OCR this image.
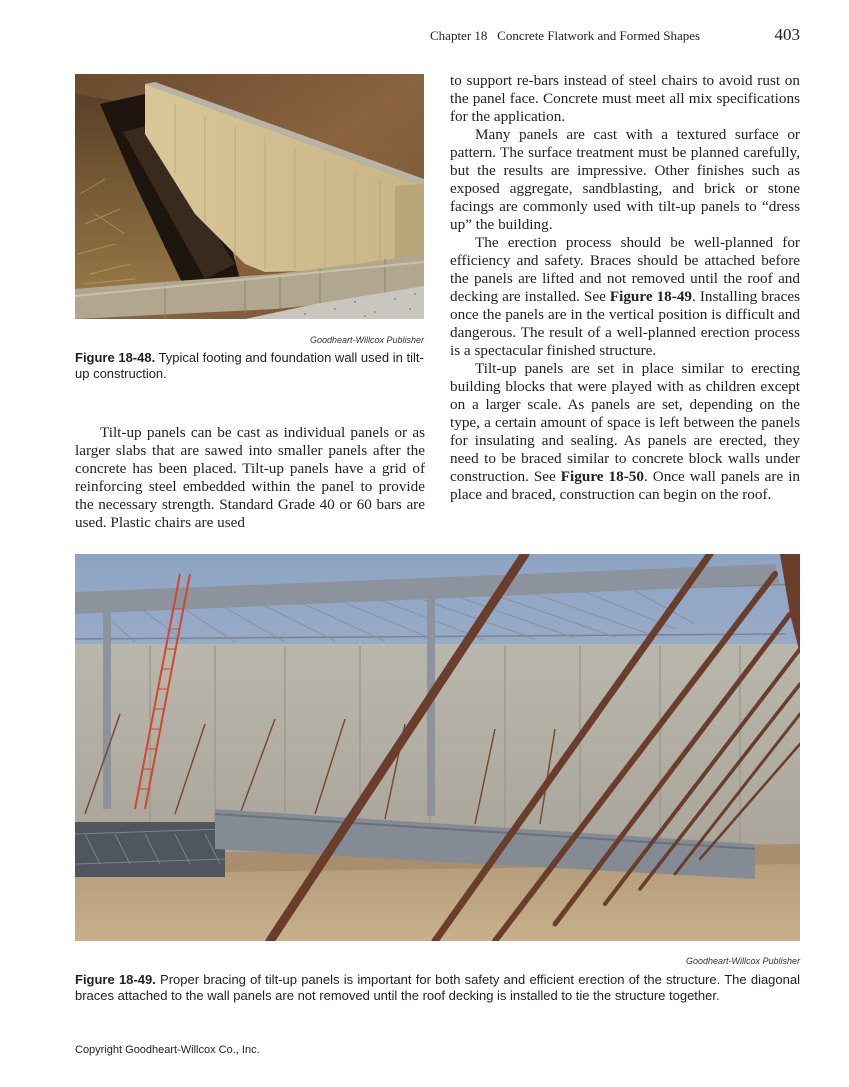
Chapter 18   Concrete Flatwork and Formed Shapes	403
Goodheart-Willcox Publisher
Figure 18-48. Typical footing and foundation wall used in tilt-up construction.

Tilt-up panels can be cast as individual panels or as larger slabs that are sawed into smaller panels after the concrete has been placed. Tilt-up panels have a grid of reinforcing steel embedded within the panel to provide the necessary strength. Standard Grade 40 or 60 bars are used. Plastic chairs are used

to support re-bars instead of steel chairs to avoid rust on the panel face. Concrete must meet all mix specifications for the application.

Many panels are cast with a textured surface or pattern. The surface treatment must be planned carefully, but the results are impressive. Other finishes such as exposed aggregate, sandblasting, and brick or stone facings are commonly used with tilt-up panels to “dress up” the building.

The erection process should be well-planned for efficiency and safety. Braces should be attached before the panels are lifted and not removed until the roof and decking are installed. See Figure 18-49. Installing braces once the panels are in the vertical position is difficult and dangerous. The result of a well-planned erection process is a spectacular finished structure.

Tilt-up panels are set in place similar to erecting building blocks that were played with as children except on a larger scale. As panels are set, depending on the type, a certain amount of space is left between the panels for insulating and sealing. As panels are erected, they need to be braced similar to concrete block walls under construction. See Figure 18-50. Once wall panels are in place and braced, construction can begin on the roof.

Goodheart-Willcox Publisher
Figure 18-49. Proper bracing of tilt-up panels is important for both safety and efficient erection of the structure. The diagonal braces attached to the wall panels are not removed until the roof decking is installed to tie the structure together.
Copyright Goodheart-Willcox Co., Inc.
